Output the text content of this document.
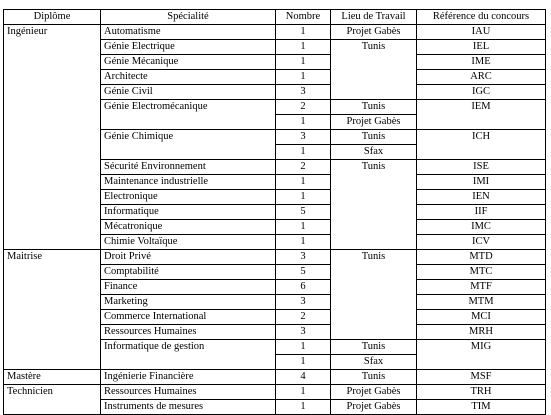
Diplôme	Spécialité	Nombre	Lieu de Travail	Référence du concours
Ingénieur	Automatisme	1	Projet Gabès	IAU
	Génie Electrique	1	Tunis	IEL
	Génie Mécanique	1		IME
	Architecte	1		ARC
	Génie Civil	3		IGC
	Génie Electromécanique	2	Tunis	IEM
		1	Projet Gabès	
	Génie Chimique	3	Tunis	ICH
		1	Sfax	
	Sécurité Environnement	2	Tunis	ISE
	Maintenance industrielle	1		IMI
	Electronique	1		IEN
	Informatique	5		IIF
	Mécatronique	1		IMC
	Chimie Voltaïque	1		ICV
Maitrise	Droit Privé	3	Tunis	MTD
	Comptabilité	5		MTC
	Finance	6		MTF
	Marketing	3		MTM
	Commerce International	2		MCI
	Ressources Humaines	3		MRH
	Informatique de gestion	1	Tunis	MIG
		1	Sfax	
Mastère	Ingénierie Financière	4	Tunis	MSF
Technicien	Ressources Humaines	1	Projet Gabès	TRH
	Instruments de mesures	1	Projet Gabès	TIM
